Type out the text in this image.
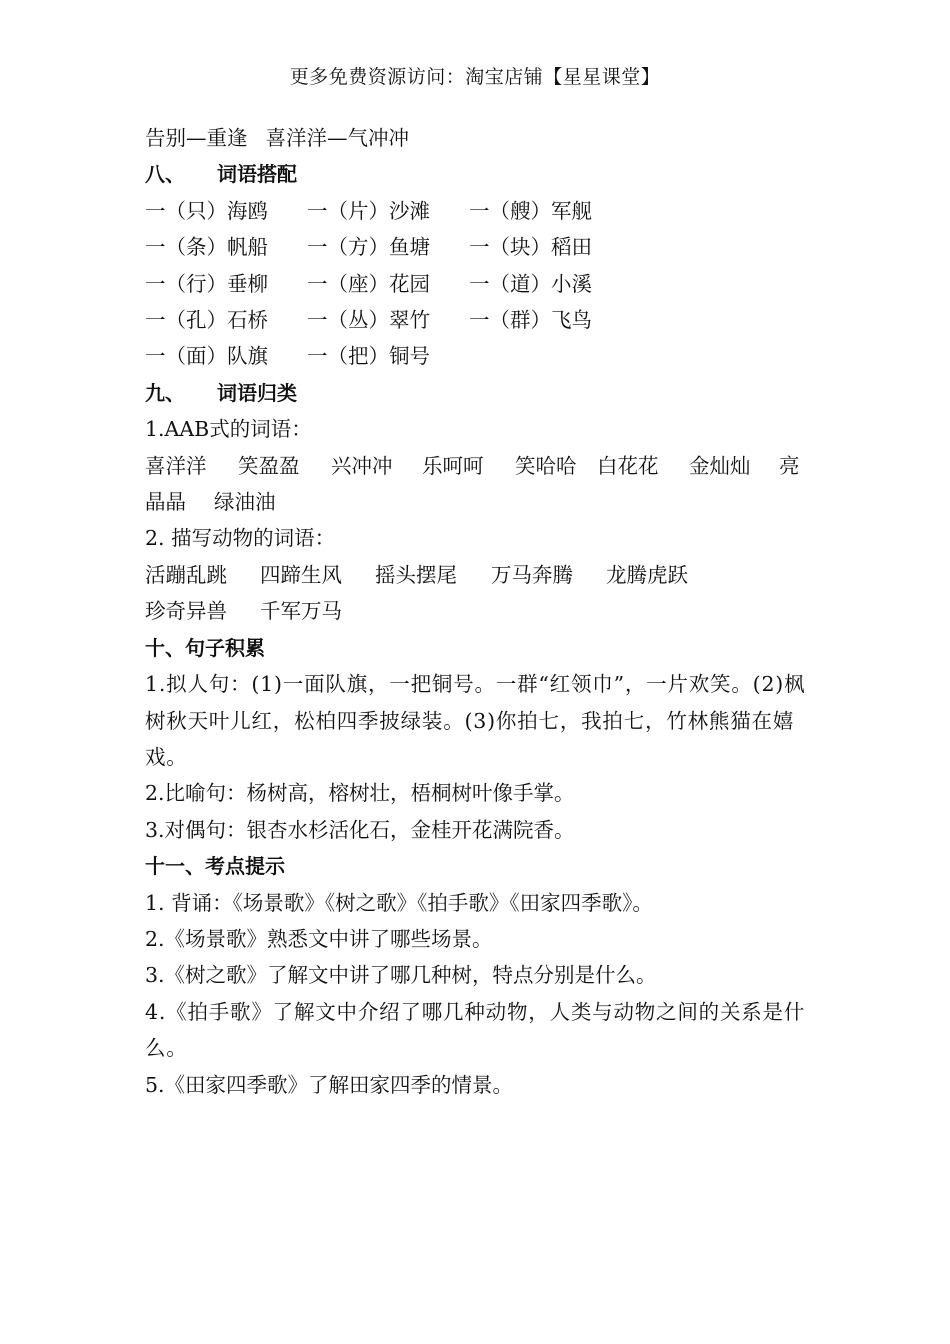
更多免费资源访问：淘宝店铺【星星课堂】
告别—重逢 喜洋洋—气冲冲
八、 词语搭配
一（只）海鸥 一（片）沙滩 一（艘）军舰
一（条）帆船 一（方）鱼塘 一（块）稻田
一（行）垂柳 一（座）花园 一（道）小溪
一（孔）石桥 一（丛）翠竹 一（群）飞鸟
一（面）队旗 一（把）铜号
九、 词语归类
1.AAB式的词语：
喜洋洋 笑盈盈 兴冲冲 乐呵呵 笑哈哈 白花花 金灿灿 亮
晶晶 绿油油
2. 描写动物的词语：
活蹦乱跳 四蹄生风 摇头摆尾 万马奔腾 龙腾虎跃
珍奇异兽 千军万马
十、句子积累
1.拟人句：(1)一面队旗，一把铜号。一群“红领巾”，一片欢笑。(2)枫树秋天叶儿红，松柏四季披绿装。(3)你拍七，我拍七，竹林熊猫在嬉戏。
2.比喻句：杨树高，榕树壮，梧桐树叶像手掌。
3.对偶句：银杏水杉活化石，金桂开花满院香。
十一、考点提示
1. 背诵：《场景歌》《树之歌》《拍手歌》《田家四季歌》。
2.《场景歌》熟悉文中讲了哪些场景。
3.《树之歌》了解文中讲了哪几种树，特点分别是什么。
4.《拍手歌》了解文中介绍了哪几种动物，人类与动物之间的关系是什么。
5.《田家四季歌》了解田家四季的情景。
